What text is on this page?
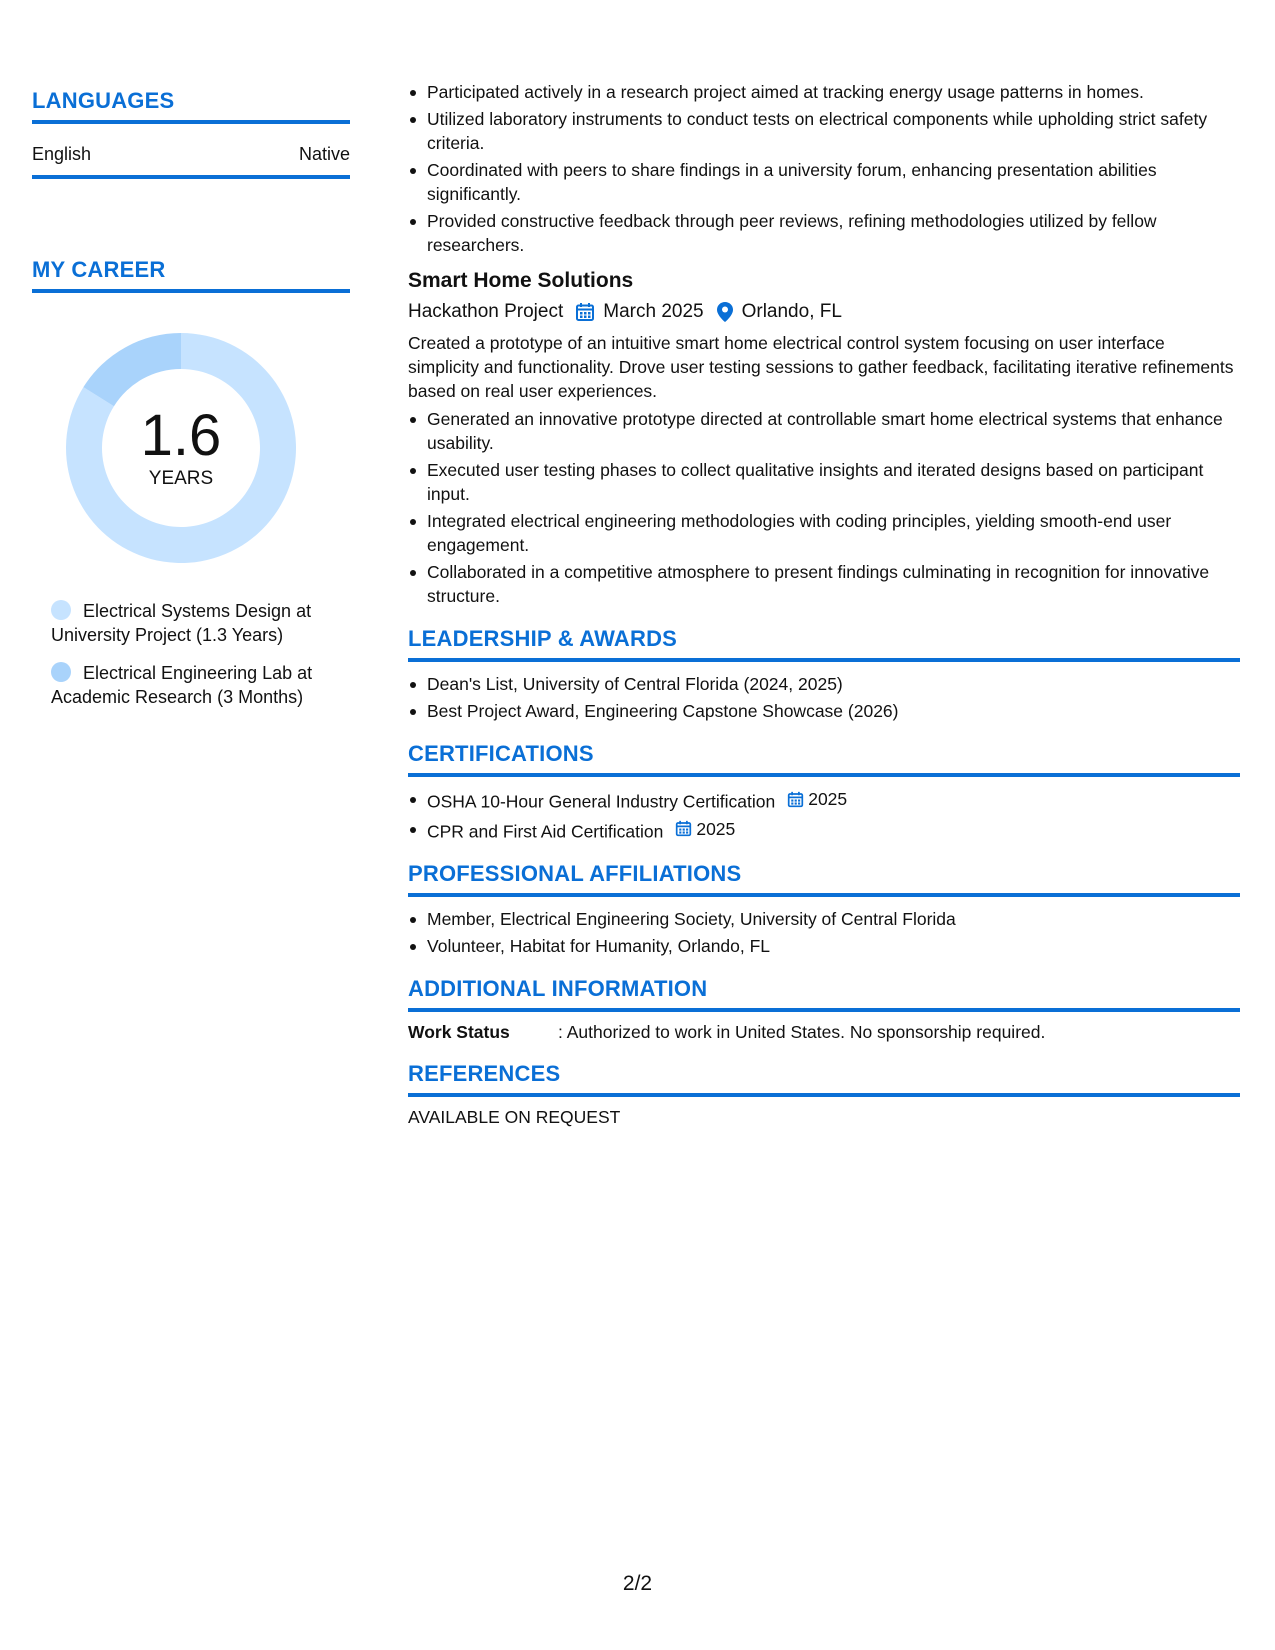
LANGUAGES
English	Native
MY CAREER
1.6
YEARS
Electrical Systems Design at University Project (1.3 Years)
Electrical Engineering Lab at Academic Research (3 Months)
Participated actively in a research project aimed at tracking energy usage patterns in homes.
Utilized laboratory instruments to conduct tests on electrical components while upholding strict safety criteria.
Coordinated with peers to share findings in a university forum, enhancing presentation abilities significantly.
Provided constructive feedback through peer reviews, refining methodologies utilized by fellow researchers.
Smart Home Solutions
Hackathon Project March 2025 Orlando, FL
Created a prototype of an intuitive smart home electrical control system focusing on user interface simplicity and functionality. Drove user testing sessions to gather feedback, facilitating iterative refinements based on real user experiences.
Generated an innovative prototype directed at controllable smart home electrical systems that enhance usability.
Executed user testing phases to collect qualitative insights and iterated designs based on participant input.
Integrated electrical engineering methodologies with coding principles, yielding smooth-end user engagement.
Collaborated in a competitive atmosphere to present findings culminating in recognition for innovative structure.
LEADERSHIP & AWARDS
Dean's List, University of Central Florida (2024, 2025)
Best Project Award, Engineering Capstone Showcase (2026)
CERTIFICATIONS
OSHA 10-Hour General Industry Certification 2025
CPR and First Aid Certification 2025
PROFESSIONAL AFFILIATIONS
Member, Electrical Engineering Society, University of Central Florida
Volunteer, Habitat for Humanity, Orlando, FL
ADDITIONAL INFORMATION
Work Status	: Authorized to work in United States. No sponsorship required.
REFERENCES
AVAILABLE ON REQUEST
2/2
